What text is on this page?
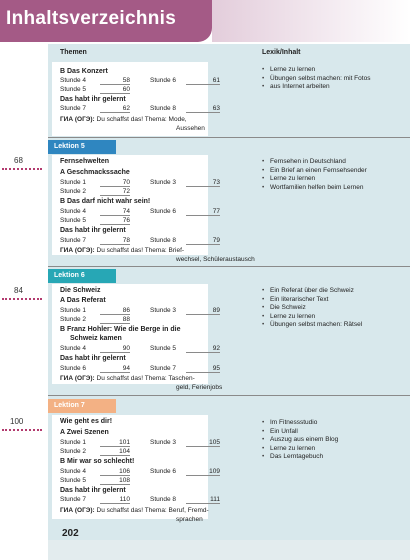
Inhaltsverzeichnis
Themen	Lexik/Inhalt
B Das Konzert
Stunde 4	58	Stunde 6	61
Stunde 5	60
Das habt ihr gelernt
Stunde 7	62	Stunde 8	63
ГИА (ОГЭ): Du schaffst das! Thema: Mode,
Aussehen
• Lerne zu lernen
• Übungen selbst machen: mit Fotos
• aus Internet arbeiten
Lektion 5
68	Fernsehwelten
A Geschmackssache
Stunde 1	70	Stunde 3	73
Stunde 2	72
B Das darf nicht wahr sein!
Stunde 4	74	Stunde 6	77
Stunde 5	76
Das habt ihr gelernt
Stunde 7	78	Stunde 8	79
ГИА (ОГЭ): Du schaffst das! Thema: Brief-
wechsel, Schüleraustausch
• Fernsehen in Deutschland
• Ein Brief an einen Fernsehsender
• Lerne zu lernen
• Wortfamilien helfen beim Lernen
Lektion 6
84	Die Schweiz
A Das Referat
Stunde 1	86	Stunde 3	89
Stunde 2	88
B Franz Hohler: Wie die Berge in die
Schweiz kamen
Stunde 4	90	Stunde 5	92
Das habt ihr gelernt
Stunde 6	94	Stunde 7	95
ГИА (ОГЭ): Du schaffst das! Thema: Taschen-
geld, Ferienjobs
• Ein Referat über die Schweiz
• Ein literarischer Text
• Die Schweiz
• Lerne zu lernen
• Übungen selbst machen: Rätsel
Lektion 7
100	Wie geht es dir!
A Zwei Szenen
Stunde 1	101	Stunde 3	105
Stunde 2	104
B Mir war so schlecht!
Stunde 4	106	Stunde 6	109
Stunde 5	108
Das habt ihr gelernt
Stunde 7	110	Stunde 8	111
ГИА (ОГЭ): Du schaffst das! Thema: Beruf, Fremd-
sprachen
• Im Fitnessstudio
• Ein Unfall
• Auszug aus einem Blog
• Lerne zu lernen
• Das Lerntagebuch
202
